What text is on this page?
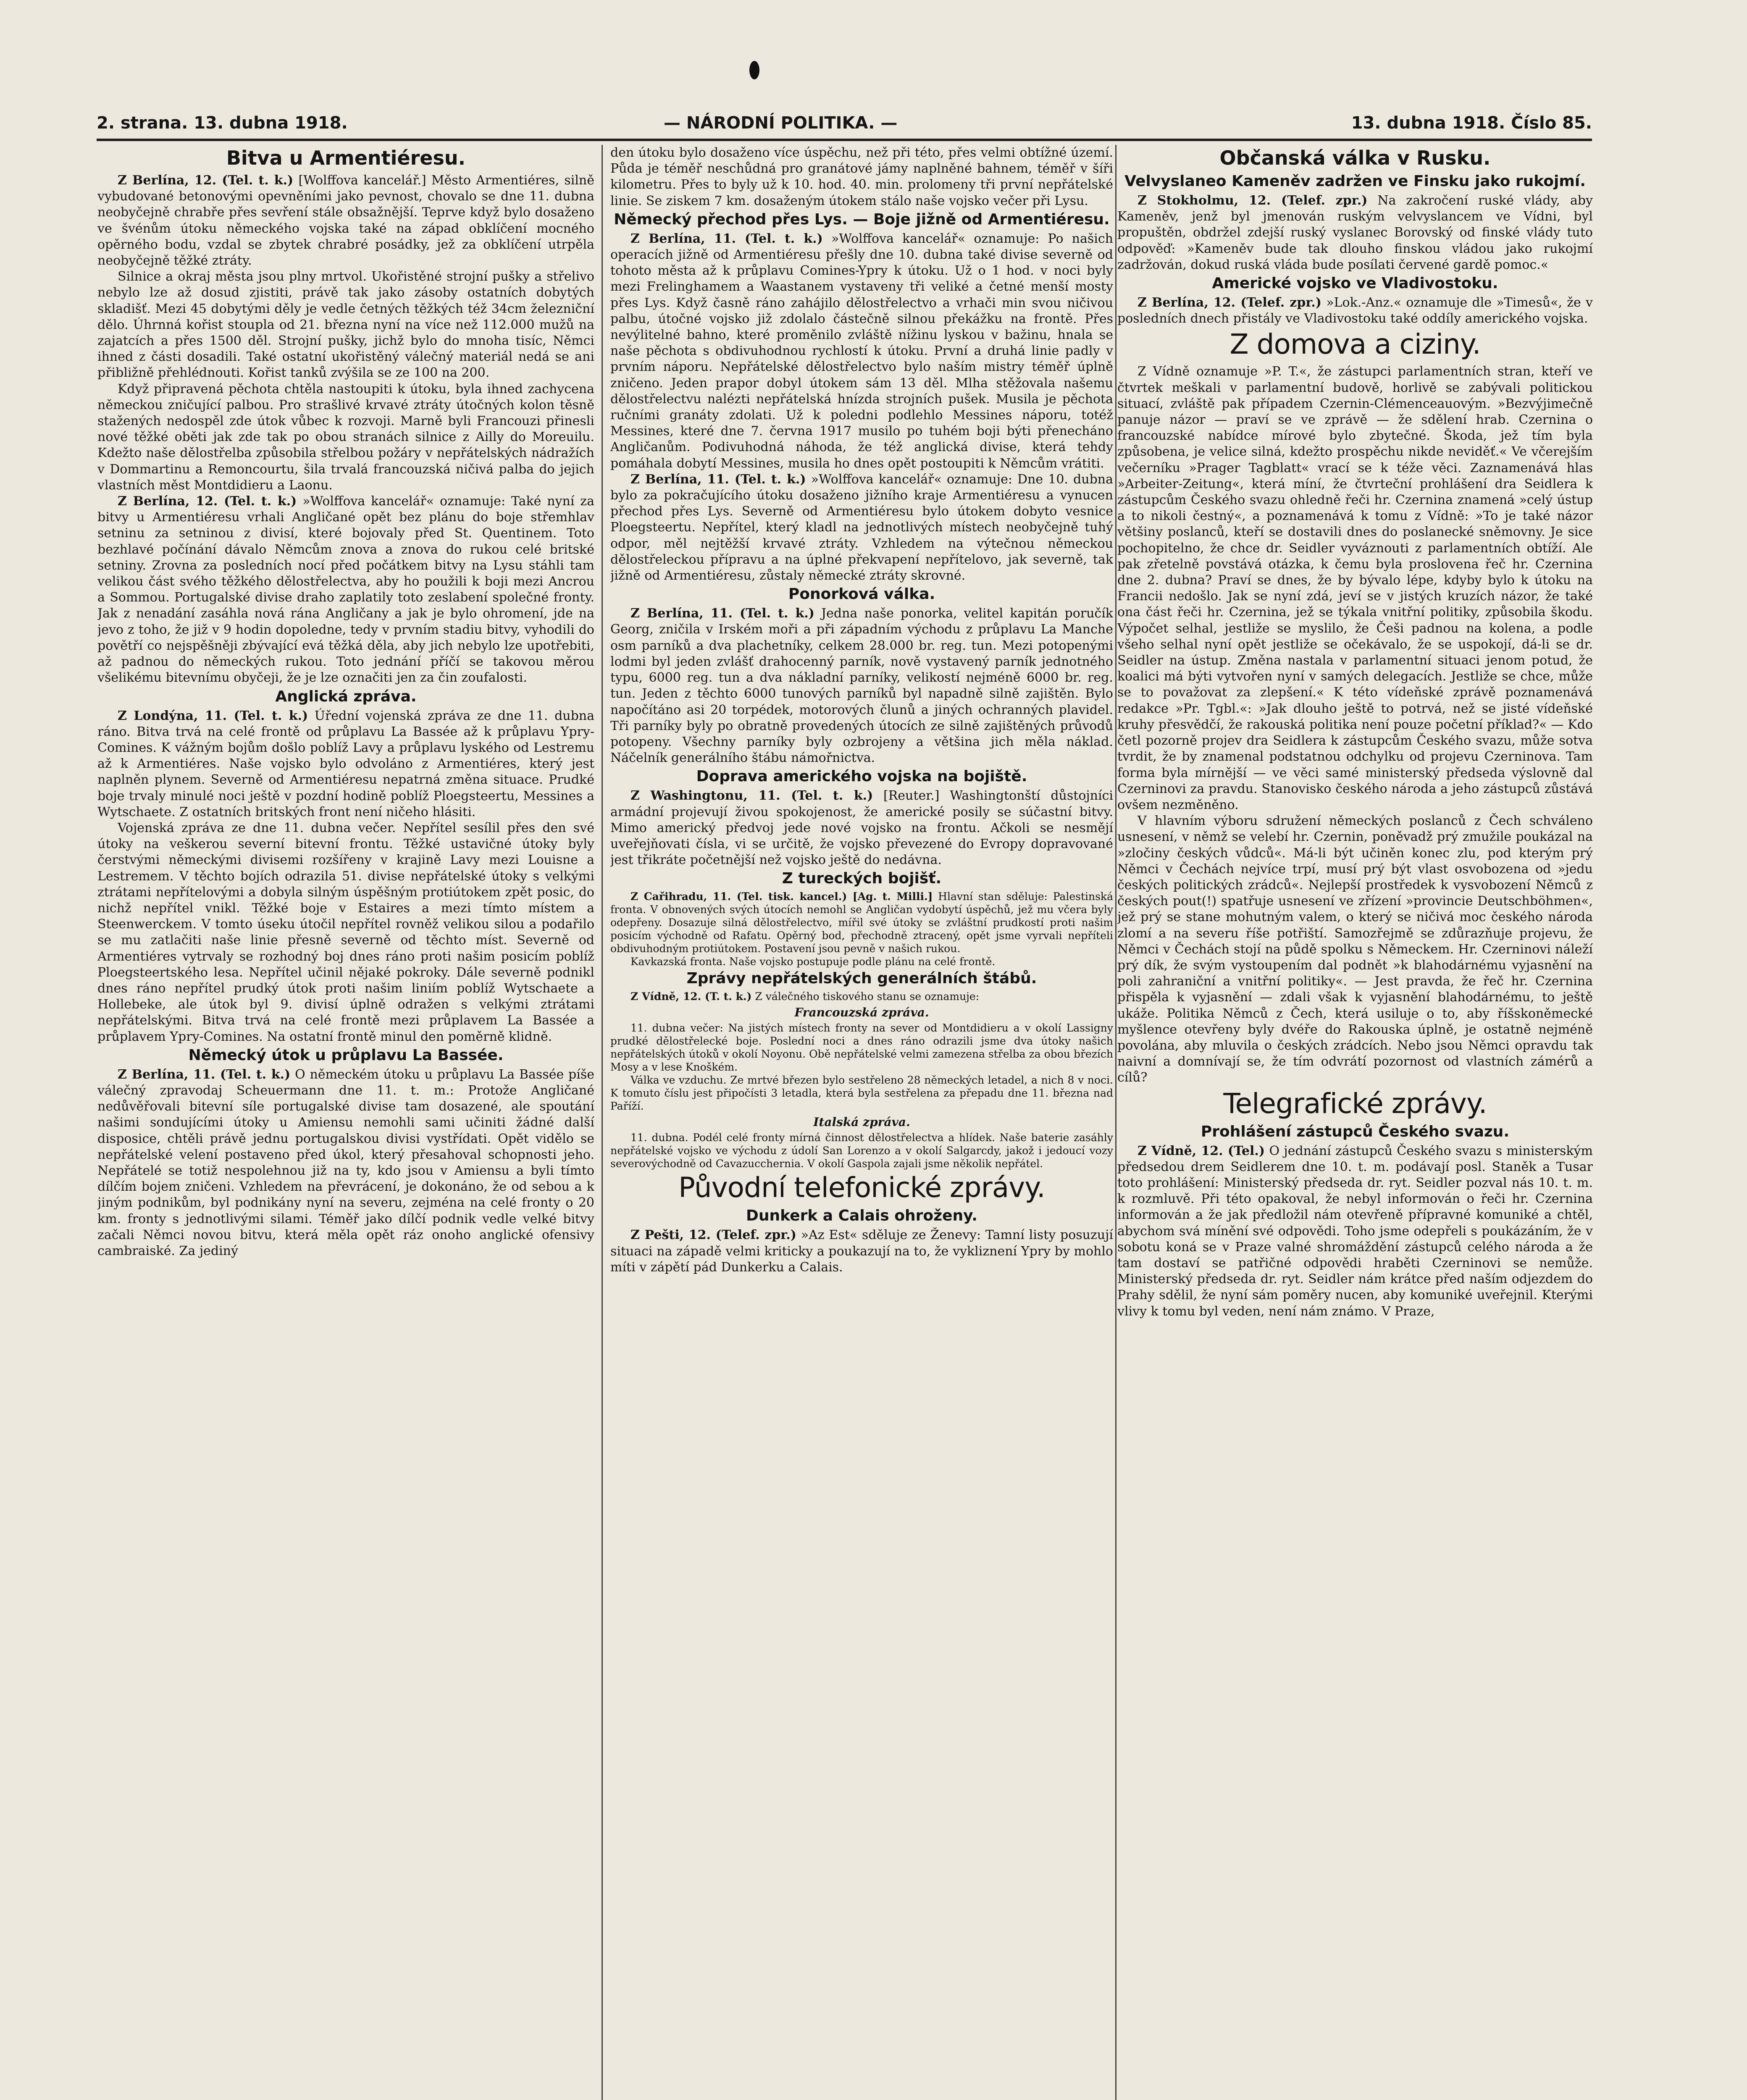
2. strana. 13. dubna 1918.	— NÁRODNÍ POLITIKA. —	13. dubna 1918. Číslo 85.
Bitva u Armentiéresu.

Z Berlína, 12. (Tel. t. k.) [Wolffova kancelář.] Město Armentiéres, silně vybudované betonovými opevněními jako pevnost, chovalo se dne 11. dubna neobyčejně chrabře přes sevření stále obsažnější. Teprve když bylo dosaženo ve švénům útoku německého vojska také na západ obklíčení mocného opěrného bodu, vzdal se zbytek chrabré posádky, jež za obklíčení utrpěla neobyčejně těžké ztráty.

Silnice a okraj města jsou plny mrtvol. Ukořistěné strojní pušky a střelivo nebylo lze až dosud zjistiti, právě tak jako zásoby ostatních dobytých skladišť. Mezi 45 dobytými děly je vedle četných těžkých též 34cm železniční dělo. Úhrnná kořist stoupla od 21. března nyní na více než 112.000 mužů na zajatcích a přes 1500 děl. Strojní pušky, jichž bylo do mnoha tisíc, Němci ihned z části dosadili. Také ostatní ukořistěný válečný materiál nedá se ani přibližně přehlédnouti. Kořist tanků zvýšila se ze 100 na 200.

Když připravená pěchota chtěla nastoupiti k útoku, byla ihned zachycena německou zničující palbou. Pro strašlivé krvavé ztráty útočných kolon těsně stažených nedospěl zde útok vůbec k rozvoji. Marně byli Francouzi přinesli nové těžké oběti jak zde tak po obou stranách silnice z Ailly do Moreuilu. Kdežto naše dělostřelba způsobila střelbou požáry v nepřátelských nádražích v Dommartinu a Remoncourtu, šila trvalá francouzská ničivá palba do jejich vlastních měst Montdidieru a Laonu.

Z Berlína, 12. (Tel. t. k.) »Wolffova kancelář« oznamuje: Také nyní za bitvy u Armentiéresu vrhali Angličané opět bez plánu do boje střemhlav setninu za setninou z divisí, které bojovaly před St. Quentinem. Toto bezhlavé počínání dávalo Němcům znova a znova do rukou celé britské setniny. Zrovna za posledních nocí před počátkem bitvy na Lysu stáhli tam velikou část svého těžkého dělostřelectva, aby ho použili k boji mezi Ancrou a Sommou. Portugalské divise draho zaplatily toto zeslabení společné fronty. Jak z nenadání zasáhla nová rána Angličany a jak je bylo ohromení, jde na jevo z toho, že již v 9 hodin dopoledne, tedy v prvním stadiu bitvy, vyhodili do povětří co nejspěšněji zbývající evá těžká děla, aby jich nebylo lze upotřebiti, až padnou do německých rukou. Toto jednání příčí se takovou měrou všelikému bitevnímu obyčeji, že je lze označiti jen za čin zoufalosti.

Anglická zpráva.

Z Londýna, 11. (Tel. t. k.) Úřední vojenská zpráva ze dne 11. dubna ráno. Bitva trvá na celé frontě od průplavu La Bassée až k průplavu Ypry-Comines. K vážným bojům došlo poblíž Lavy a průplavu lyského od Lestremu až k Armentiéres. Naše vojsko bylo odvoláno z Armentiéres, který jest naplněn plynem. Severně od Armentiéresu nepatrná změna situace. Prudké boje trvaly minulé noci ještě v pozdní hodině poblíž Ploegsteertu, Messines a Wytschaete. Z ostatních britských front není ničeho hlásiti.

Vojenská zpráva ze dne 11. dubna večer. Nepřítel sesílil přes den své útoky na veškerou severní bitevní frontu. Těžké ustavičné útoky byly čerstvými německými divisemi rozšířeny v krajině Lavy mezi Louisne a Lestremem. V těchto bojích odrazila 51. divise nepřátelské útoky s velkými ztrátami nepřítelovými a dobyla silným úspěšným protiútokem zpět posic, do nichž nepřítel vnikl. Těžké boje v Estaires a mezi tímto místem a Steenwerckem. V tomto úseku útočil nepřítel rovněž velikou silou a podařilo se mu zatlačiti naše linie přesně severně od těchto míst. Severně od Armentiéres vytrvaly se rozhodný boj dnes ráno proti našim posicím poblíž Ploegsteertského lesa. Nepřítel učinil nějaké pokroky. Dále severně podnikl dnes ráno nepřítel prudký útok proti našim liniím poblíž Wytschaete a Hollebeke, ale útok byl 9. divisí úplně odražen s velkými ztrátami nepřátelskými. Bitva trvá na celé frontě mezi průplavem La Bassée a průplavem Ypry-Comines. Na ostatní frontě minul den poměrně klidně.

Německý útok u průplavu La Bassée.

Z Berlína, 11. (Tel. t. k.) O německém útoku u průplavu La Bassée píše válečný zpravodaj Scheuermann dne 11. t. m.: Protože Angličané nedůvěřovali bitevní síle portugalské divise tam dosazené, ale spoutání našimi sondujícími útoky u Amiensu nemohli sami učiniti žádné další disposice, chtěli právě jednu portugalskou divisi vystřídati. Opět vidělo se nepřátelské velení postaveno před úkol, který přesahoval schopnosti jeho. Nepřátelé se totiž nespolehnou již na ty, kdo jsou v Amiensu a byli tímto dílčím bojem zničeni. Vzhledem na převrácení, je dokonáno, že od sebou a k jiným podnikům, byl podnikány nyní na severu, zejména na celé fronty o 20 km. fronty s jednotlivými silami. Téměř jako dílčí podnik vedle velké bitvy začali Němci novou bitvu, která měla opět ráz onoho anglické ofensivy cambraiské. Za jediný

den útoku bylo dosaženo více úspěchu, než při této, přes velmi obtížné území. Půda je téměř neschůdná pro granátové jámy naplněné bahnem, téměř v šíři kilometru. Přes to byly už k 10. hod. 40. min. prolomeny tři první nepřátelské linie. Se ziskem 7 km. dosaženým útokem stálo naše vojsko večer při Lysu.

Německý přechod přes Lys. — Boje jižně od Armentiéresu.

Z Berlína, 11. (Tel. t. k.) »Wolffova kancelář« oznamuje: Po našich operacích jižně od Armentiéresu přešly dne 10. dubna také divise severně od tohoto města až k průplavu Comines-Ypry k útoku. Už o 1 hod. v noci byly mezi Frelinghamem a Waastanem vystaveny tři veliké a četné menší mosty přes Lys. Když časně ráno zahájilo dělostřelectvo a vrhači min svou ničivou palbu, útočné vojsko již zdolalo částečně silnou překážku na frontě. Přes nevýlitelné bahno, které proměnilo zvláště nížinu lyskou v bažinu, hnala se naše pěchota s obdivuhodnou rychlostí k útoku. První a druhá linie padly v prvním náporu. Nepřátelské dělostřelectvo bylo naším mistry téměř úplně zničeno. Jeden prapor dobyl útokem sám 13 děl. Mlha stěžovala našemu dělostřelectvu nalézti nepřátelská hnízda strojních pušek. Musila je pěchota ručními granáty zdolati. Už k poledni podlehlo Messines náporu, totéž Messines, které dne 7. června 1917 musilo po tuhém boji býti přenecháno Angličanům. Podivuhodná náhoda, že též anglická divise, která tehdy pomáhala dobytí Messines, musila ho dnes opět postoupiti k Němcům vrátiti.

Z Berlína, 11. (Tel. t. k.) »Wolffova kancelář« oznamuje: Dne 10. dubna bylo za pokračujícího útoku dosaženo jižního kraje Armentiéresu a vynucen přechod přes Lys. Severně od Armentiéresu bylo útokem dobyto vesnice Ploegsteertu. Nepřítel, který kladl na jednotlivých místech neobyčejně tuhý odpor, měl nejtěžší krvavé ztráty. Vzhledem na výtečnou německou dělostřeleckou přípravu a na úplné překvapení nepřítelovo, jak severně, tak jižně od Armentiéresu, zůstaly německé ztráty skrovné.

Ponorková válka.

Z Berlína, 11. (Tel. t. k.) Jedna naše ponorka, velitel kapitán poručík Georg, zničila v Irském moři a při západním východu z průplavu La Manche osm parníků a dva plachetníky, celkem 28.000 br. reg. tun. Mezi potopenými lodmi byl jeden zvlášť drahocenný parník, nově vystavený parník jednotného typu, 6000 reg. tun a dva nákladní parníky, velikostí nejméně 6000 br. reg. tun. Jeden z těchto 6000 tunových parníků byl napadně silně zajištěn. Bylo napočítáno asi 20 torpédek, motorových člunů a jiných ochranných plavidel. Tři parníky byly po obratně provedených útocích ze silně zajištěných průvodů potopeny. Všechny parníky byly ozbrojeny a většina jich měla náklad. Náčelník generálního štábu námořnictva.

Doprava amerického vojska na bojiště.

Z Washingtonu, 11. (Tel. t. k.) [Reuter.] Washingtonští důstojníci armádní projevují živou spokojenost, že americké posily se súčastní bitvy. Mimo americký předvoj jede nové vojsko na frontu. Ačkoli se nesmějí uveřejňovati čísla, vi se určitě, že vojsko převezené do Evropy dopravované jest třikráte početnější než vojsko ještě do nedávna.

Z tureckých bojišť.

Z Cařihradu, 11. (Tel. tisk. kancel.) [Ag. t. Milli.] Hlavní stan sděluje: Palestinská fronta. V obnovených svých útocích nemohl se Angličan vydobytí úspěchů, jež mu včera byly odepřeny. Dosazuje silná dělostřelectvo, mířil své útoky se zvláštní prudkostí proti našim posicím východně od Rafatu. Opěrný bod, přechodně ztracený, opět jsme vyrvali nepříteli obdivuhodným protiútokem. Postavení jsou pevně v našich rukou.

Kavkazská fronta. Naše vojsko postupuje podle plánu na celé frontě.

Zprávy nepřátelských generálních štábů.

Z Vídně, 12. (T. t. k.) Z válečného tiskového stanu se oznamuje:

Francouzská zpráva.

11. dubna večer: Na jistých místech fronty na sever od Montdidieru a v okolí Lassigny prudké dělostřelecké boje. Poslední noci a dnes ráno odrazili jsme dva útoky našich nepřátelských útoků v okolí Noyonu. Obě nepřátelské velmi zamezena střelba za obou březích Mosy a v lese Knoškém.

Válka ve vzduchu. Ze mrtvé březen bylo sestřeleno 28 německých letadel, a nich 8 v noci. K tomuto číslu jest připočísti 3 letadla, která byla sestřelena za přepadu dne 11. března nad Paříží.

Italská zpráva.

11. dubna. Podél celé fronty mírná činnost dělostřelectva a hlídek. Naše baterie zasáhly nepřátelské vojsko ve východu z údolí San Lorenzo a v okolí Salgarcdy, jakož i jedoucí vozy severovýchodně od Cavazucchernia. V okolí Gaspola zajali jsme několik nepřátel.

Původní telefonické zprávy.
Dunkerk a Calais ohroženy.

Z Pešti, 12. (Telef. zpr.) »Az Est« sděluje ze Ženevy: Tamní listy posuzují situaci na západě velmi kriticky a poukazují na to, že vykliznení Ypry by mohlo míti v zápětí pád Dunkerku a Calais.

Občanská válka v Rusku.
Velvyslaneo Kameněv zadržen ve Finsku jako rukojmí.

Z Stokholmu, 12. (Telef. zpr.) Na zakročení ruské vlády, aby Kameněv, jenž byl jmenován ruským velvyslancem ve Vídni, byl propuštěn, obdržel zdejší ruský vyslanec Borovský od finské vlády tuto odpověď: »Kameněv bude tak dlouho finskou vládou jako rukojmí zadržován, dokud ruská vláda bude posílati červené gardě pomoc.«

Americké vojsko ve Vladivostoku.

Z Berlína, 12. (Telef. zpr.) »Lok.-Anz.« oznamuje dle »Timesů«, že v posledních dnech přistály ve Vladivostoku také oddíly amerického vojska.

Z domova a ciziny.

Z Vídně oznamuje »P. T.«, že zástupci parlamentních stran, kteří ve čtvrtek meškali v parlamentní budově, horlivě se zabývali politickou situací, zvláště pak případem Czernin-Clémenceauovým. »Bezvýjimečně panuje názor — praví se ve zprávě — že sdělení hrab. Czernina o francouzské nabídce mírové bylo zbytečné. Škoda, jež tím byla způsobena, je velice silná, kdežto prospěchu nikde neviděť.« Ve včerejším večerníku »Prager Tagblatt« vrací se k téže věci. Zaznamenává hlas »Arbeiter-Zeitung«, která míní, že čtvrteční prohlášení dra Seidlera k zástupcům Českého svazu ohledně řeči hr. Czernina znamená »celý ústup a to nikoli čestný«, a poznamenává k tomu z Vídně: »To je také názor většiny poslanců, kteří se dostavili dnes do poslanecké sněmovny. Je sice pochopitelno, že chce dr. Seidler vyváznouti z parlamentních obtíží. Ale pak zřetelně povstává otázka, k čemu byla proslovena řeč hr. Czernina dne 2. dubna? Praví se dnes, že by bývalo lépe, kdyby bylo k útoku na Francii nedošlo. Jak se nyní zdá, jeví se v jistých kruzích názor, že také ona část řeči hr. Czernina, jež se týkala vnitřní politiky, způsobila škodu. Výpočet selhal, jestliže se myslilo, že Češi padnou na kolena, a podle všeho selhal nyní opět jestliže se očekávalo, že se uspokojí, dá-li se dr. Seidler na ústup. Změna nastala v parlamentní situaci jenom potud, že koalici má býti vytvořen nyní v samých delegacích. Jestliže se chce, může se to považovat za zlepšení.« K této vídeňské zprávě poznamenává redakce »Pr. Tgbl.«: »Jak dlouho ještě to potrvá, než se jisté vídeňské kruhy přesvědčí, že rakouská politika není pouze početní příklad?« — Kdo četl pozorně projev dra Seidlera k zástupcům Českého svazu, může sotva tvrdit, že by znamenal podstatnou odchylku od projevu Czerninova. Tam forma byla mírnější — ve věci samé ministerský předseda výslovně dal Czerninovi za pravdu. Stanovisko českého národa a jeho zástupců zůstává ovšem nezměněno.

V hlavním výboru sdružení německých poslanců z Čech schváleno usnesení, v němž se velebí hr. Czernin, poněvadž prý zmužile poukázal na »zločiny českých vůdců«. Má-li být učiněn konec zlu, pod kterým prý Němci v Čechách nejvíce trpí, musí prý být vlast osvobozena od »jedu českých politických zrádců«. Nejlepší prostředek k vysvobození Němců z českých pout(!) spatřuje usnesení ve zřízení »provincie Deutschböhmen«, jež prý se stane mohutným valem, o který se ničivá moc českého národa zlomí a na severu říše potřiští. Samozřejmě se zdůrazňuje projevu, že Němci v Čechách stojí na půdě spolku s Německem. Hr. Czerninovi náleží prý dík, že svým vystoupením dal podnět »k blahodárnému vyjasnění na poli zahraniční a vnitřní politiky«. — Jest pravda, že řeč hr. Czernina přispěla k vyjasnění — zdali však k vyjasnění blahodárnému, to ještě ukáže. Politika Němců z Čech, která usiluje o to, aby říšskoněmecké myšlence otevřeny byly dvéře do Rakouska úplně, je ostatně nejméně povolána, aby mluvila o českých zrádcích. Nebo jsou Němci opravdu tak naivní a domnívají se, že tím odvrátí pozornost od vlastních zámérů a cílů?

Telegrafické zprávy.
Prohlášení zástupců Českého svazu.

Z Vídně, 12. (Tel.) O jednání zástupců Českého svazu s ministerským předsedou drem Seidlerem dne 10. t. m. podávají posl. Staněk a Tusar toto prohlášení: Ministerský předseda dr. ryt. Seidler pozval nás 10. t. m. k rozmluvě. Při této opakoval, že nebyl informován o řeči hr. Czernina informován a že jak předložil nám otevřeně přípravné komuniké a chtěl, abychom svá mínění své odpovědi. Toho jsme odepřeli s poukázáním, že v sobotu koná se v Praze valné shromáždění zástupců celého národa a že tam dostaví se patřičné odpovědi hraběti Czerninovi se nemůže. Ministerský předseda dr. ryt. Seidler nám krátce před naším odjezdem do Prahy sdělil, že nyní sám poměry nucen, aby komuniké uveřejnil. Kterými vlivy k tomu byl veden, není nám známo. V Praze,
